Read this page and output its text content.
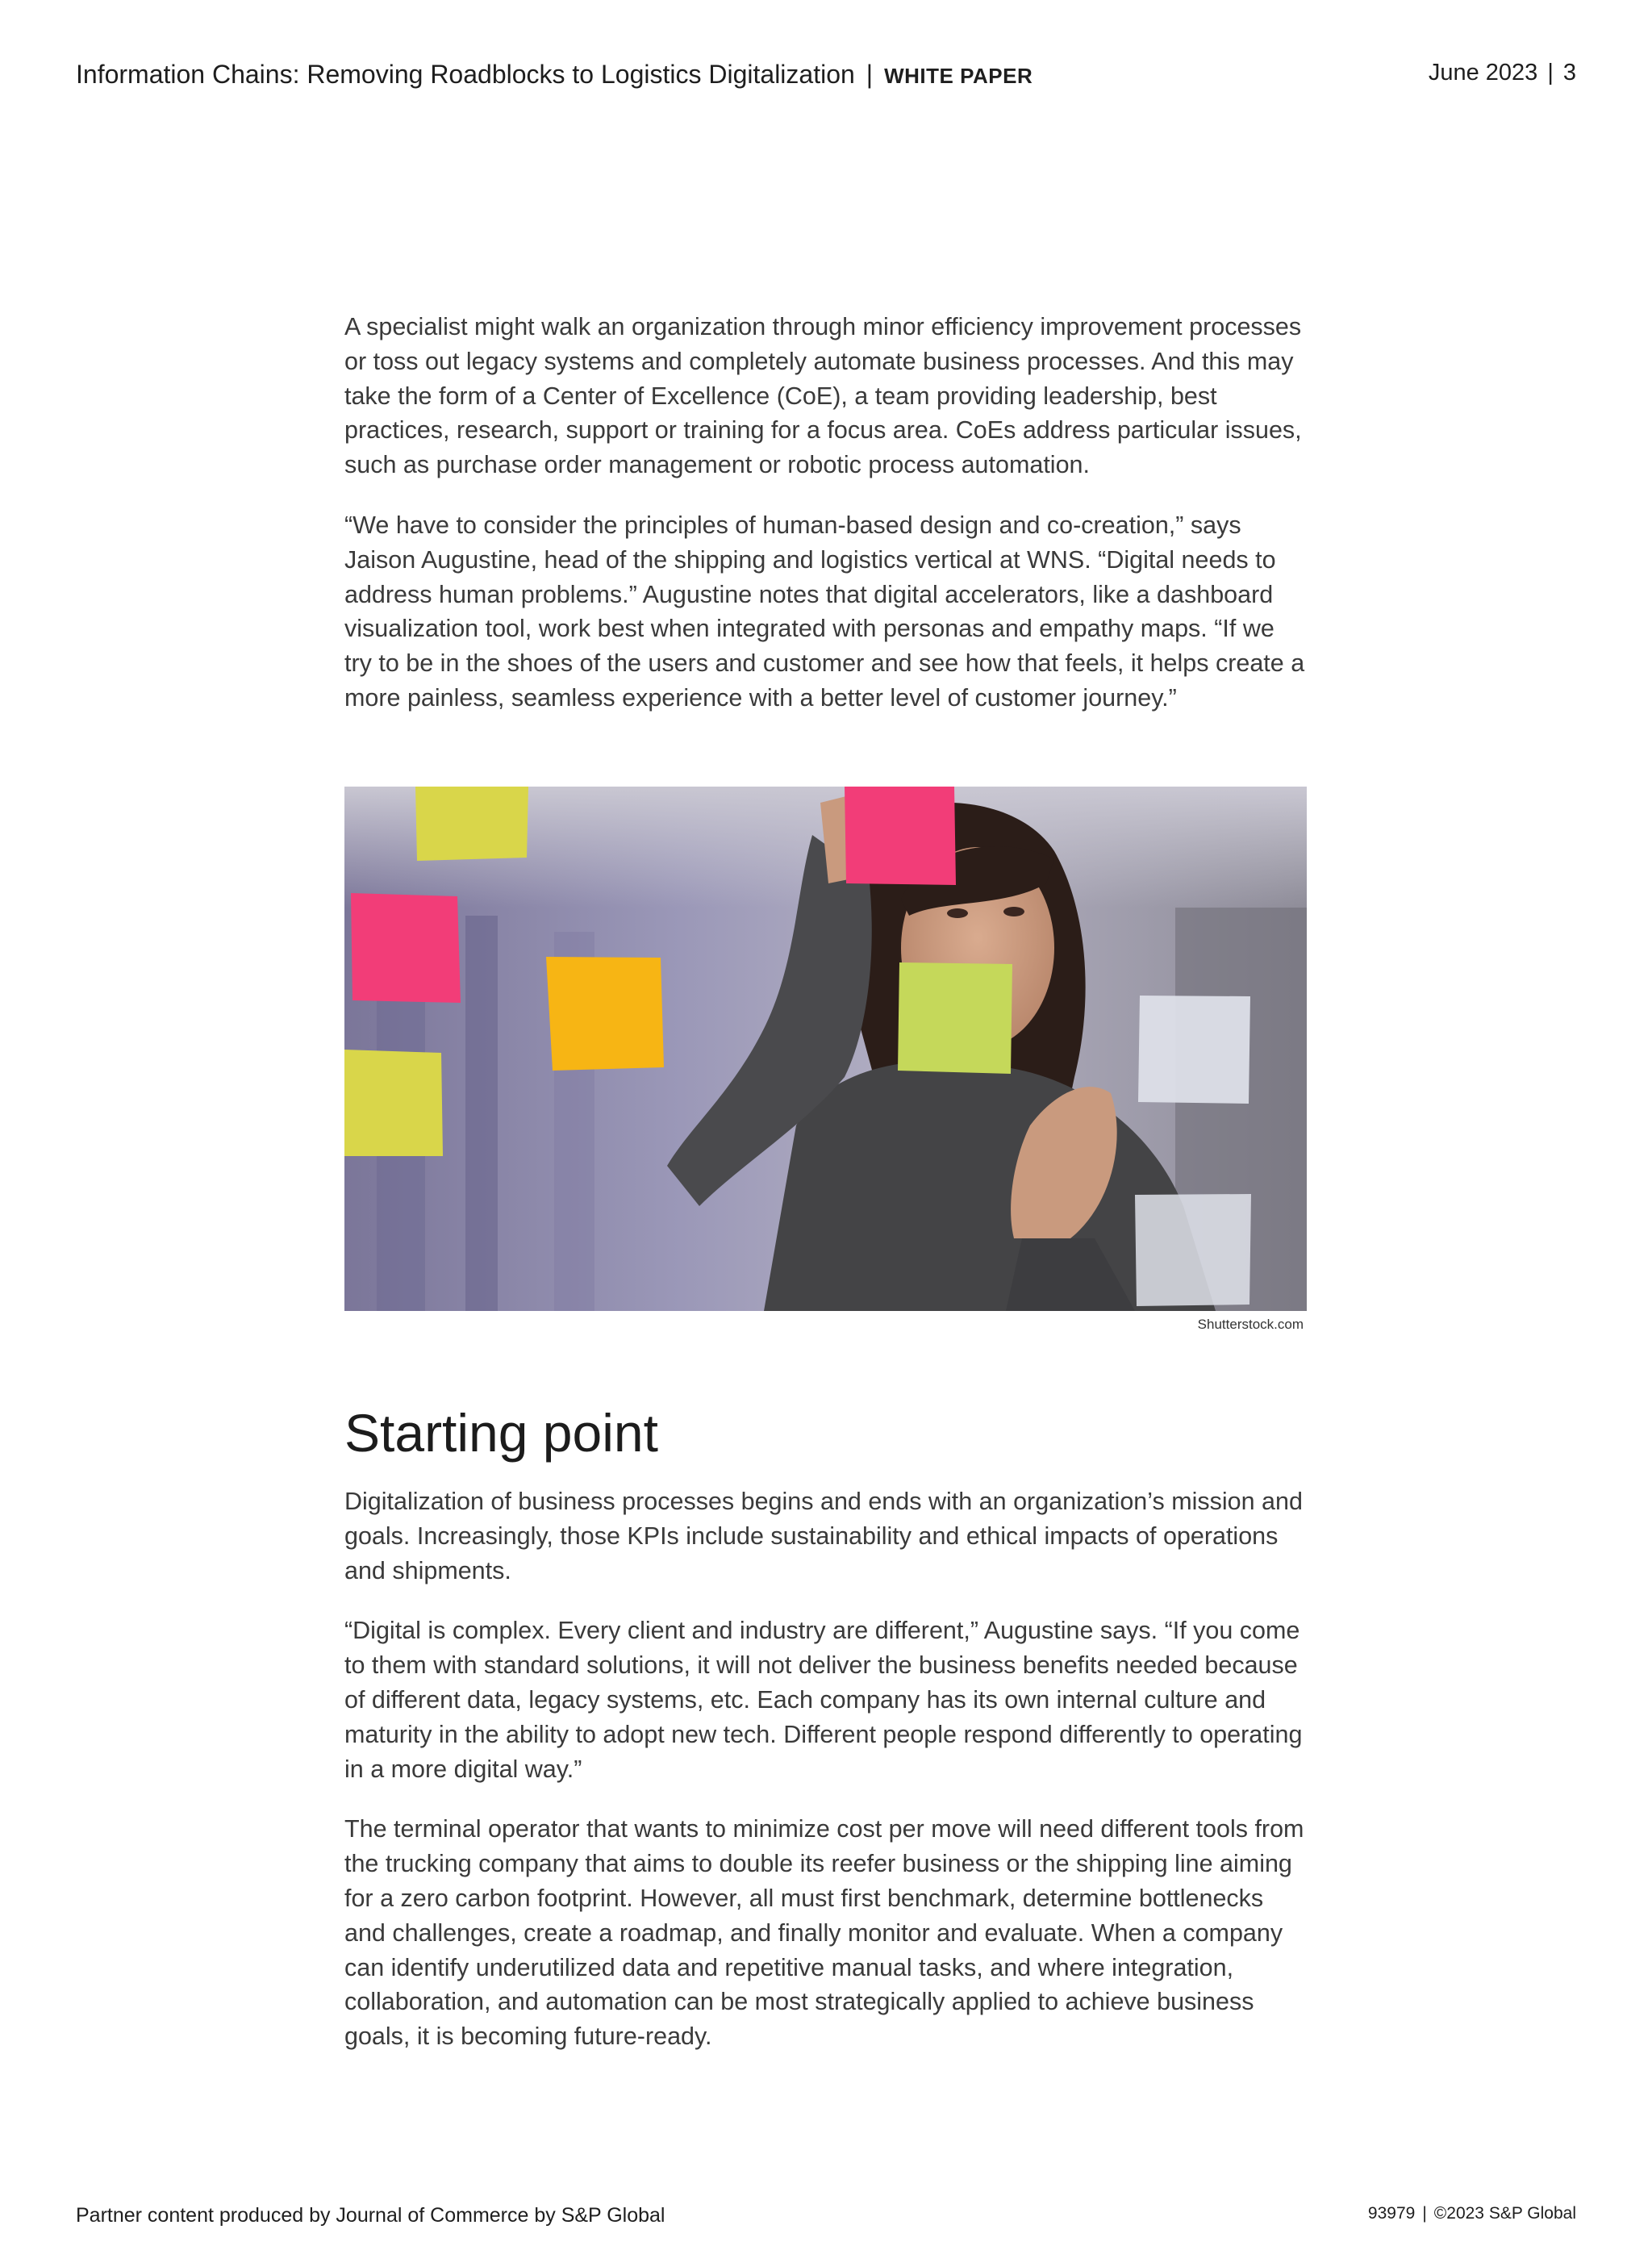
Information Chains: Removing Roadblocks to Logistics Digitalization | WHITE PAPER	June 2023 | 3

A specialist might walk an organization through minor efficiency improvement processes or toss out legacy systems and completely automate business processes. And this may take the form of a Center of Excellence (CoE), a team providing leadership, best practices, research, support or training for a focus area. CoEs address particular issues, such as purchase order management or robotic process automation.

“We have to consider the principles of human-based design and co-creation,” says Jaison Augustine, head of the shipping and logistics vertical at WNS. “Digital needs to address human problems.” Augustine notes that digital accelerators, like a dashboard visualization tool, work best when integrated with personas and empathy maps. “If we try to be in the shoes of the users and customer and see how that feels, it helps create a more painless, seamless experience with a better level of customer journey.”

Shutterstock.com
Starting point

Digitalization of business processes begins and ends with an organization’s mission and goals. Increasingly, those KPIs include sustainability and ethical impacts of operations and shipments.

“Digital is complex. Every client and industry are different,” Augustine says. “If you come to them with standard solutions, it will not deliver the business benefits needed because of different data, legacy systems, etc. Each company has its own internal culture and maturity in the ability to adopt new tech. Different people respond differently to operating in a more digital way.”

The terminal operator that wants to minimize cost per move will need different tools from the trucking company that aims to double its reefer business or the shipping line aiming for a zero carbon footprint. However, all must first benchmark, determine bottlenecks and challenges, create a roadmap, and finally monitor and evaluate. When a company can identify underutilized data and repetitive manual tasks, and where integration, collaboration, and automation can be most strategically applied to achieve business goals, it is becoming future-ready.

Partner content produced by Journal of Commerce by S&P Global	93979 | ©2023 S&P Global
